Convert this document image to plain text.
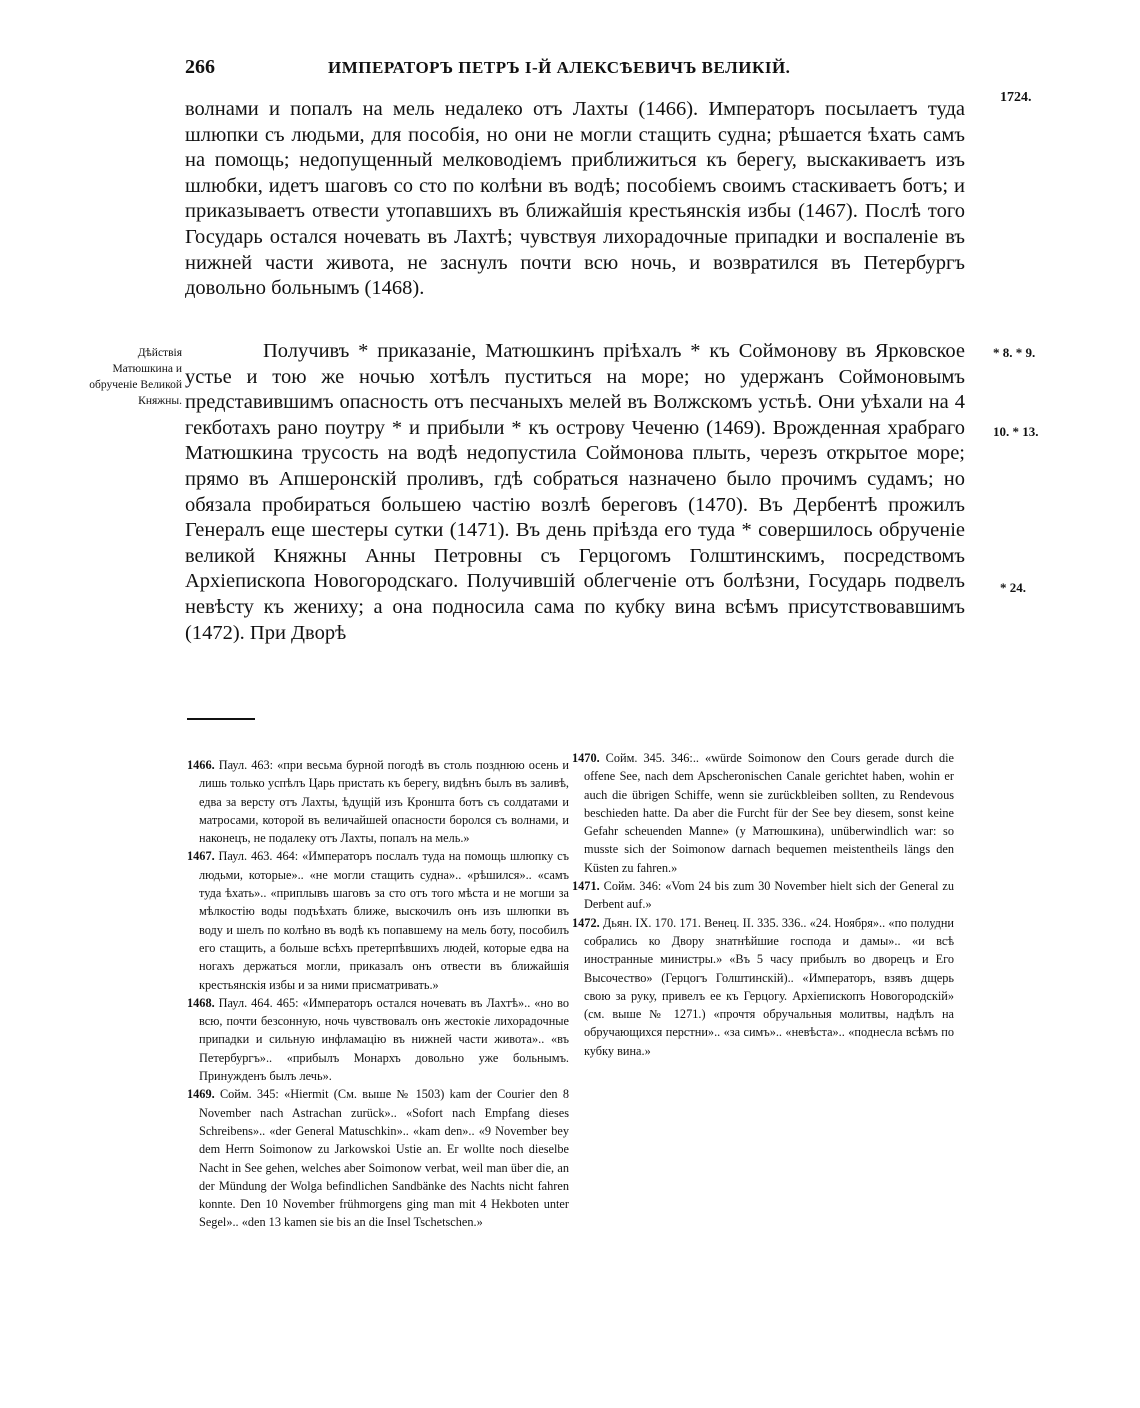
266	ИМПЕРАТОРЪ ПЕТРЪ I-Й АЛЕКСѢЕВИЧЪ ВЕЛИКІЙ.
1724.
волнами и попалъ на мель недалеко отъ Лахты (1466). Императоръ посылаетъ туда шлюпки съ людьми, для пособія, но они не могли стащить судна; рѣшается ѣхать самъ на помощь; недопущенный мелководіемъ приближиться къ берегу, выскакиваетъ изъ шлюбки, идетъ шаговъ со сто по колѣни въ водѣ; пособіемъ своимъ стаскиваетъ ботъ; и приказываетъ отвести утопавшихъ въ ближайшія крестьянскія избы (1467). Послѣ того Государь остался ночевать въ Лахтѣ; чувствуя лихорадочные припадки и воспаленіе въ нижней части живота, не заснулъ почти всю ночь, и возвратился въ Петербургъ довольно больнымъ (1468).
Получивъ * приказаніе, Матюшкинъ пріѣхалъ * къ Соймонову въ Ярковское устье и тою же ночью хотѣлъ пуститься на море; но удержанъ Соймоновымъ представившимъ опасность отъ песчаныхъ мелей въ Волжскомъ устьѣ. Они уѣхали на 4 гекботахъ рано поутру * и прибыли * къ острову Чеченю (1469). Врожденная храбраго Матюшкина трусость на водѣ недопустила Соймонова плыть, черезъ открытое море; прямо въ Апшеронскій проливъ, гдѣ собраться назначено было прочимъ судамъ; но обязала пробираться большею частію возлѣ береговъ (1470). Въ Дербентѣ прожилъ Генералъ еще шестеры сутки (1471). Въ день пріѣзда его туда * совершилось обрученіе великой Княжны Анны Петровны съ Герцогомъ Голштинскимъ, посредствомъ Архіепископа Новогородскаго. Получившій облегченіе отъ болѣзни, Государь подвелъ невѣсту къ жениху; а она подносила сама по кубку вина всѣмъ присутствовавшимъ (1472). При Дворѣ
Дѣйствія Матюшкина и обрученіе Великой Княжны.
* 8. * 9.
10. * 13.
* 24.
1466. Паул. 463: «при весьма бурной погодѣ въ столь позднюю осень и лишь только успѣлъ Царь пристать къ берегу, видѣнъ былъ въ заливѣ, едва за версту отъ Лахты, ѣдущій изъ Кроншта ботъ съ солдатами и матросами, которой въ величайшей опасности боролся съ волнами, и наконецъ, не подалеку отъ Лахты, попалъ на мель.»
1467. Паул. 463. 464: «Императоръ послалъ туда на помощь шлюпку съ людьми, которые».. «не могли стащить судна».. «рѣшился».. «самъ туда ѣхать».. «приплывъ шаговъ за сто отъ того мѣста и не могши за мѣлкостію воды подъѣхать ближе, выскочилъ онъ изъ шлюпки въ воду и шелъ по колѣно въ водѣ къ попавшему на мель боту, пособилъ его стащить, а больше всѣхъ претерпѣвшихъ людей, которые едва на ногахъ держаться могли, приказалъ онъ отвести въ ближайшія крестьянскія избы и за ними присматривать.»
1468. Паул. 464. 465: «Императоръ остался ночевать въ Лахтѣ».. «но во всю, почти безсонную, ночь чувствовалъ онъ жестокіе лихорадочные припадки и сильную инфламацію въ нижней части живота».. «въ Петербургъ».. «прибылъ Монархъ довольно уже больнымъ. Принужденъ былъ лечь».
1469. Сойм. 345: «Hiermit (См. выше № 1503) kam der Courier den 8 November nach Astrachan zurück».. «Sofort nach Empfang dieses Schreibens».. «der General Matuschkin».. «kam den».. «9 November bey dem Herrn Soimonow zu Jarkowskoi Ustie an. Er wollte noch dieselbe Nacht in See gehen, welches aber Soimonow verbat, weil man über die, an der Mündung der Wolga befindlichen Sandbänke des Nachts nicht fahren konnte. Den 10 November frühmorgens ging man mit 4 Hekboten unter Segel».. «den 13 kamen sie bis an die Insel Tschetschen.»
1470. Сойм. 345. 346:.. «würde Soimonow den Cours gerade durch die offene See, nach dem Apscheronischen Canale gerichtet haben, wohin er auch die übrigen Schiffe, wenn sie zurückbleiben sollten, zu Rendevous beschieden hatte. Da aber die Furcht für der See bey diesem, sonst keine Gefahr scheuenden Manne» (у Матюшкина), unüberwindlich war: so musste sich der Soimonow darnach bequemen meistentheils längs den Küsten zu fahren.»
1471. Сойм. 346: «Vom 24 bis zum 30 November hielt sich der General zu Derbent auf.»
1472. Дьян. IX. 170. 171. Венец. II. 335. 336.. «24. Ноября».. «по полудни собрались ко Двору знатнѣйшие господа и дамы».. «и всѣ иностранные министры.» «Въ 5 часу прибылъ во дворецъ и Его Высочество» (Герцогъ Голштинскій).. «Императоръ, взявъ дщерь свою за руку, привелъ ее къ Герцогу. Архіепископъ Новогородскій» (см. выше № 1271.) «прочтя обручальныя молитвы, надѣлъ на обручающихся перстни».. «за симъ».. «невѣста».. «поднесла всѣмъ по кубку вина.»
